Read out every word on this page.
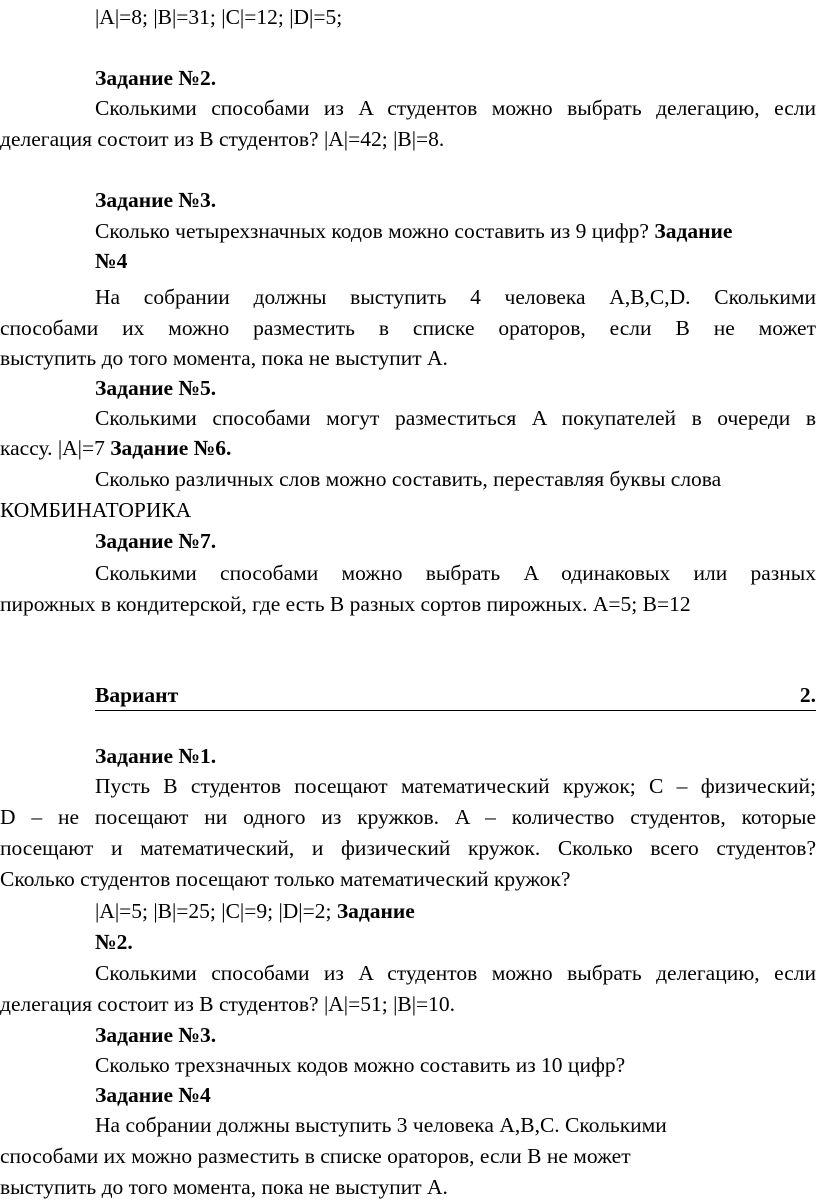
|A|=8; |B|=31; |C|=12; |D|=5;
Задание №2.
Сколькими способами из A студентов можно выбрать делегацию, если
делегация состоит из B студентов? |A|=42; |B|=8.
Задание №3.
Сколько четырехзначных кодов можно составить из 9 цифр? Задание
№4
На собрании должны выступить 4 человека A,B,C,D. Сколькими
способами их можно разместить в списке ораторов, если B не может
выступить до того момента, пока не выступит A.
Задание №5.
Сколькими способами могут разместиться A покупателей в очереди в
кассу. |A|=7 Задание №6.
Сколько различных слов можно составить, переставляя буквы слова
КОМБИНАТОРИКА
Задание №7.
Сколькими способами можно выбрать A одинаковых или разных
пирожных в кондитерской, где есть B разных сортов пирожных. A=5; B=12
Вариант	2.
Задание №1.
Пусть B студентов посещают математический кружок; C – физический;
D – не посещают ни одного из кружков. A – количество студентов, которые
посещают и математический, и физический кружок. Сколько всего студентов?
Сколько студентов посещают только математический кружок?
|A|=5; |B|=25; |C|=9; |D|=2; Задание
№2.
Сколькими способами из A студентов можно выбрать делегацию, если
делегация состоит из B студентов? |A|=51; |B|=10.
Задание №3.
Сколько трехзначных кодов можно составить из 10 цифр?
Задание №4
На собрании должны выступить 3 человека A,B,C. Сколькими
способами их можно разместить в списке ораторов, если B не может
выступить до того момента, пока не выступит A.
